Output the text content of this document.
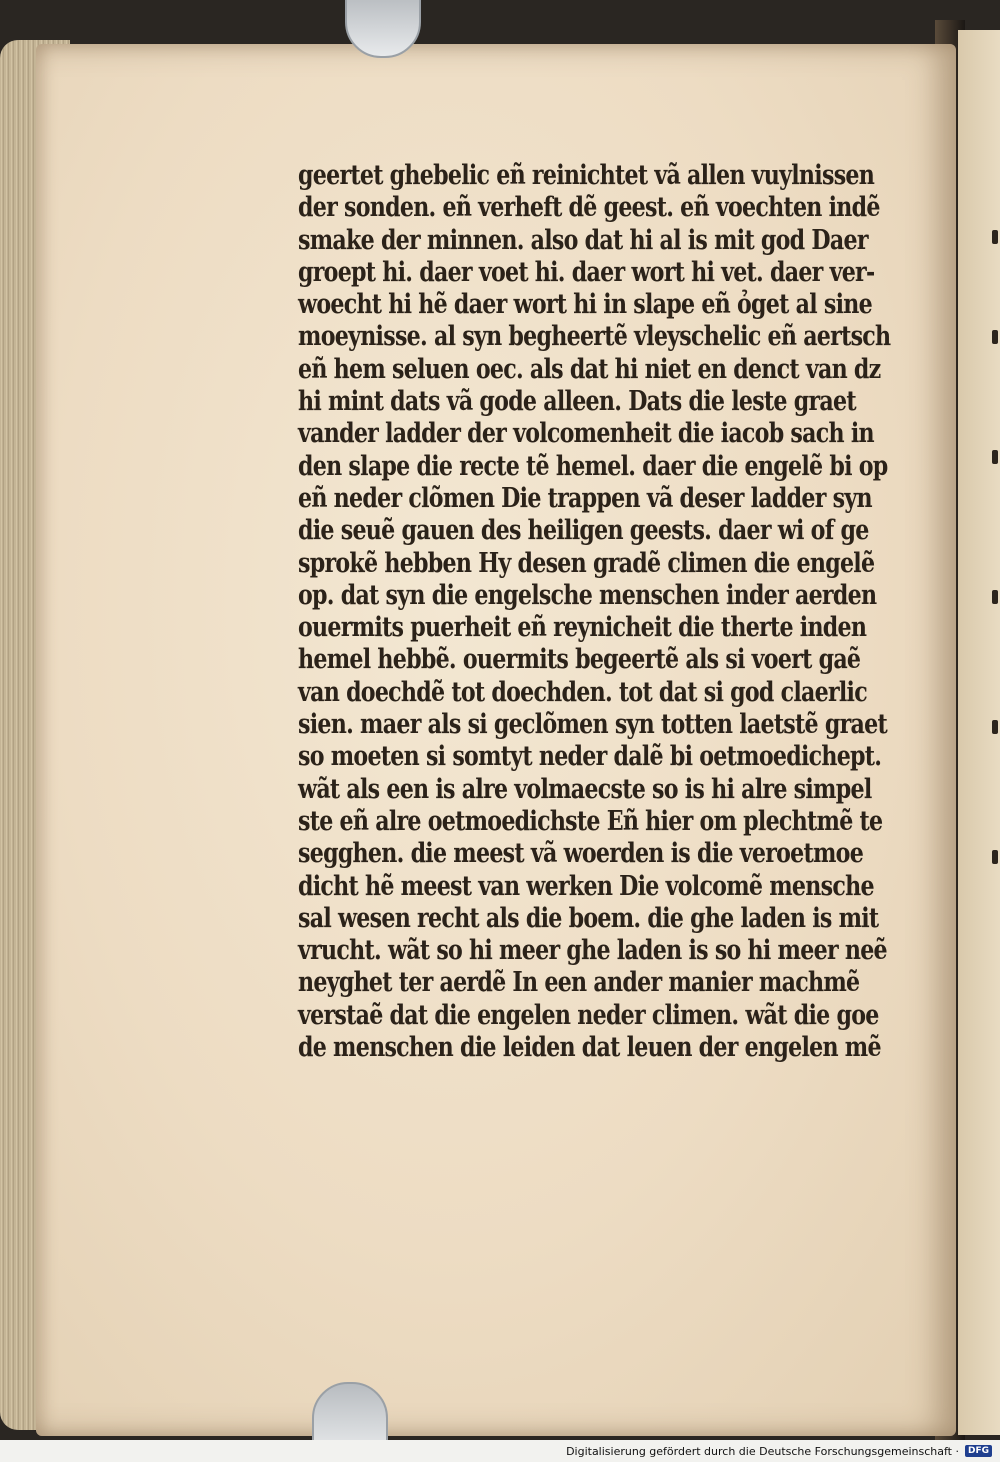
geertet ghebelic eñ reinichtet vã allen vuylnissen
der sonden. eñ verheft dẽ geest. eñ voechten indẽ
smake der minnen. also dat hi al is mit god Daer
groept hi. daer voet hi. daer wort hi vet. daer ver-
woecht hi hẽ daer wort hi in slape eñ ỏget al sine
moeynisse. al syn begheertẽ vleyschelic eñ aertsch
eñ hem seluen oec. als dat hi niet en denct van dz
hi mint dats vã gode alleen. Dats die leste graet
vander ladder der volcomenheit die iacob sach in
den slape die recte tẽ hemel. daer die engelẽ bi op
eñ neder clõmen Die trappen vã deser ladder syn
die seuẽ gauen des heiligen geests. daer wi of ge
sprokẽ hebben Hy desen gradẽ climen die engelẽ
op. dat syn die engelsche menschen inder aerden
ouermits puerheit eñ reynicheit die therte inden
hemel hebbẽ. ouermits begeertẽ als si voert gaẽ
van doechdẽ tot doechden. tot dat si god claerlic
sien. maer als si geclõmen syn totten laetstẽ graet
so moeten si somtyt neder dalẽ bi oetmoedichept.
wãt als een is alre volmaecste so is hi alre simpel
ste eñ alre oetmoedichste Eñ hier om plechtmẽ te
segghen. die meest vã woerden is die veroetmoe
dicht hẽ meest van werken Die volcomẽ mensche
sal wesen recht als die boem. die ghe laden is mit
vrucht. wãt so hi meer ghe laden is so hi meer neẽ
neyghet ter aerdẽ In een ander manier machmẽ
verstaẽ dat die engelen neder climen. wãt die goe
de menschen die leiden dat leuen der engelen mẽ
Digitalisierung gefördert durch die Deutsche Forschungsgemeinschaft ·	DFG
